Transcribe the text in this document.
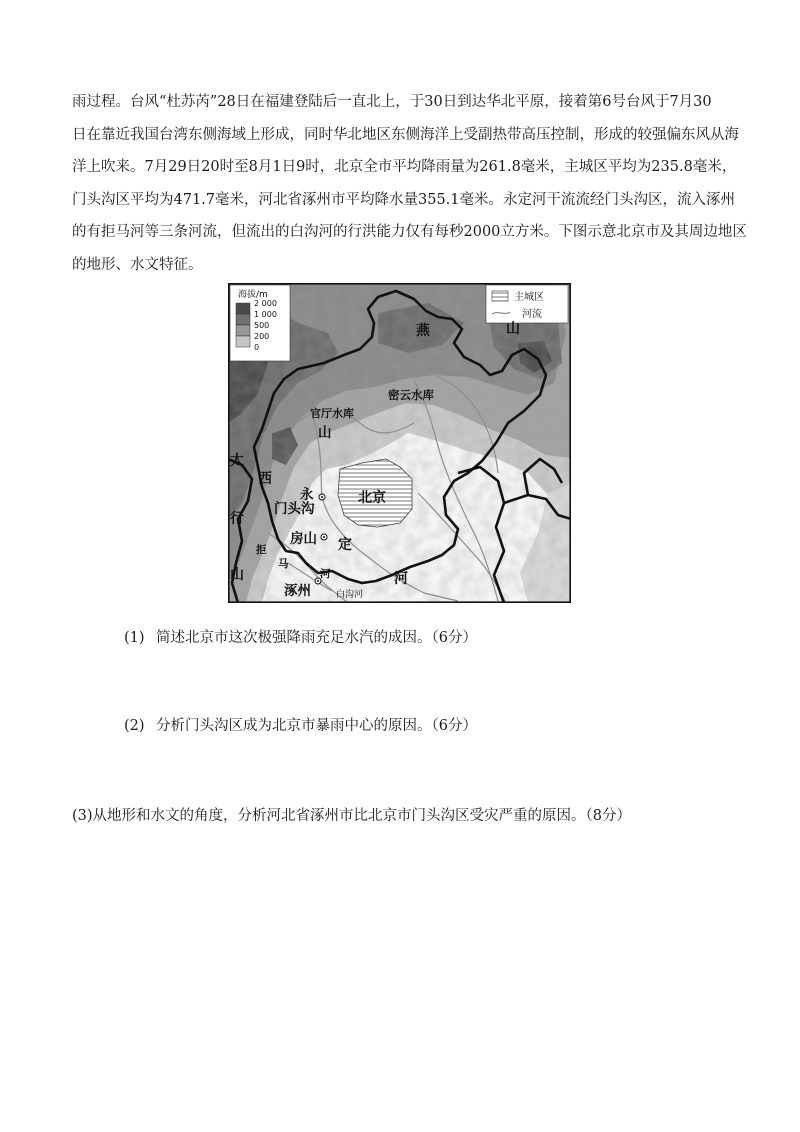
雨过程。台风“杜苏芮”28日在福建登陆后一直北上，于30日到达华北平原，接着第6号台风于7月30
日在靠近我国台湾东侧海域上形成，同时华北地区东侧海洋上受副热带高压控制，形成的较强偏东风从海
洋上吹来。7月29日20时至8月1日9时，北京全市平均降雨量为261.8毫米，主城区平均为235.8毫米，
门头沟区平均为471.7毫米，河北省涿州市平均降水量355.1毫米。永定河干流流经门头沟区，流入涿州
的有拒马河等三条河流，但流出的白沟河的行洪能力仅有每秒2000立方米。下图示意北京市及其周边地区
的地形、水文特征。
海拔/m
2 000
1 000
500
200
0
主城区
河流
燕	山
密云水库
官厅水库
山
太
西
永
门头沟
北京
行
房山 定
拒
马
河
山	河
涿州	白沟河
(1) 简述北京市这次极强降雨充足水汽的成因。（6分）
(2) 分析门头沟区成为北京市暴雨中心的原因。（6分）
(3)从地形和水文的角度，分析河北省涿州市比北京市门头沟区受灾严重的原因。（8分）
